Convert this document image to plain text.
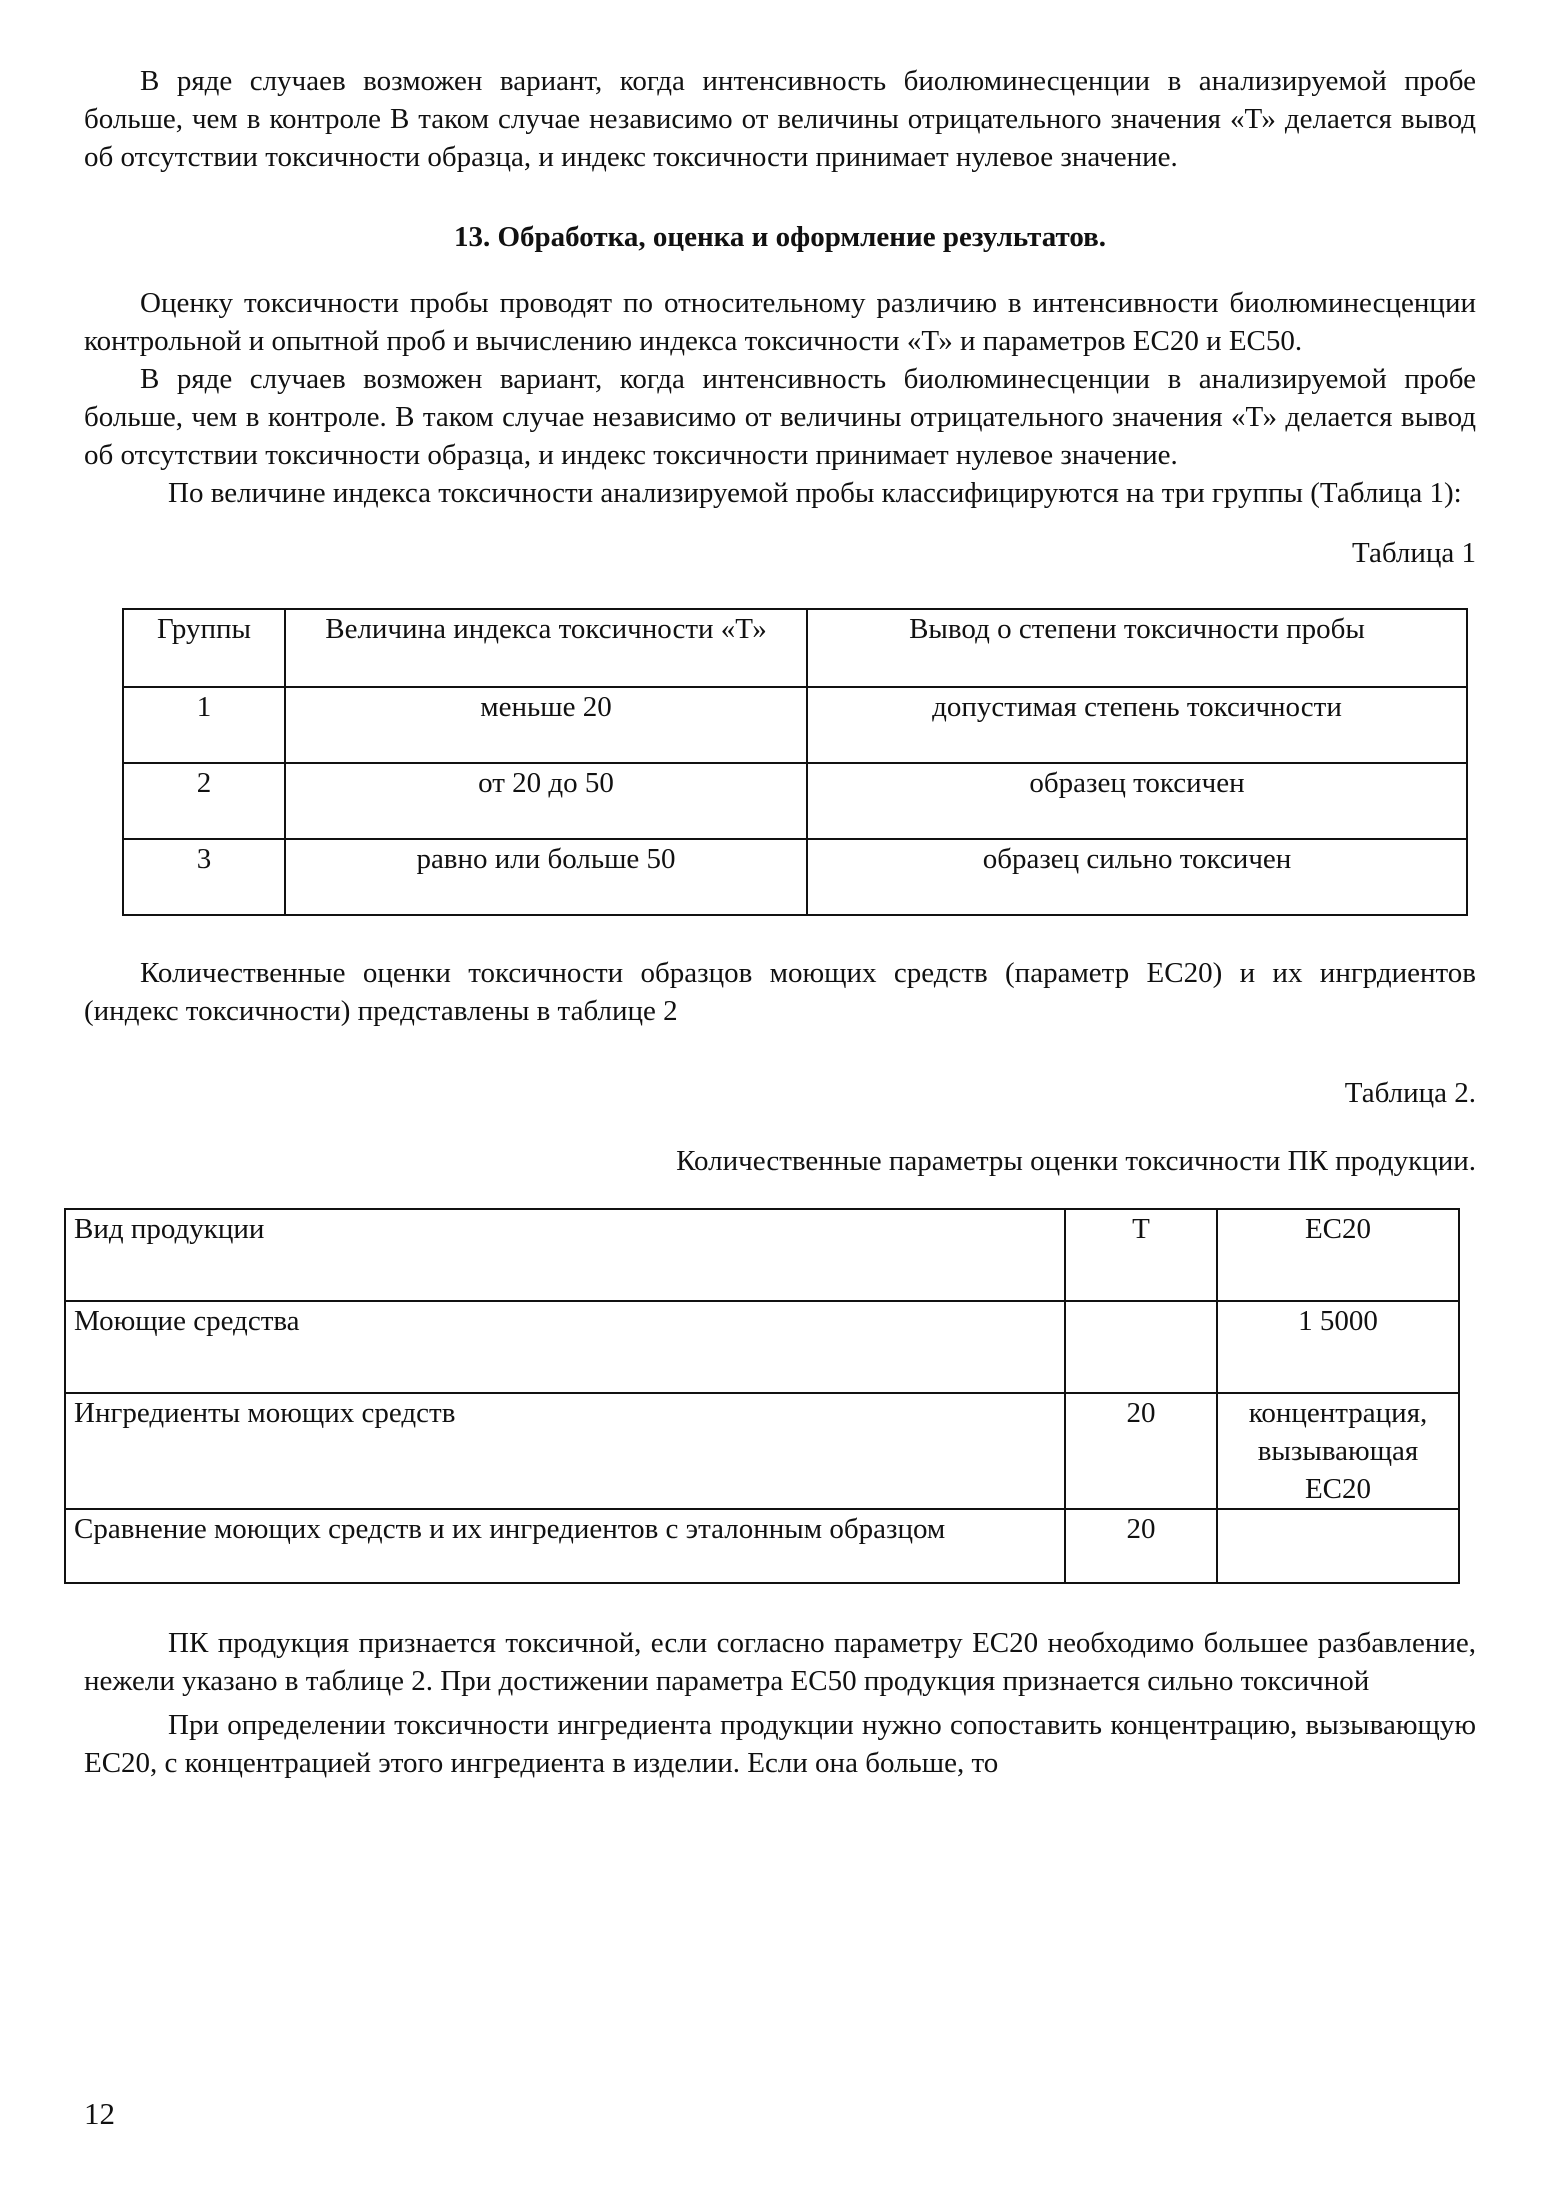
В ряде случаев возможен вариант, когда интенсивность биолюминесценции в анализируемой пробе больше, чем в контроле В таком случае независимо от величины отрицательного значения «Т» делается вывод об отсутствии токсичности образца, и индекс токсичности принимает нулевое значение.

13. Обработка, оценка и оформление результатов.

Оценку токсичности пробы проводят по относительному различию в интенсивности биолюминесценции контрольной и опытной проб и вычислению индекса токсичности «Т» и параметров ЕС20 и ЕС50.

В ряде случаев возможен вариант, когда интенсивность биолюминесценции в анализируемой пробе больше, чем в контроле. В таком случае независимо от величины отрицательного значения «Т» делается вывод об отсутствии токсичности образца, и индекс токсичности принимает нулевое значение.

По величине индекса токсичности анализируемой пробы классифицируются на три группы (Таблица 1):

Таблица 1

Группы	Величина индекса токсичности «Т»	Вывод о степени токсичности пробы
1	меньше 20	допустимая степень токсичности
2	от 20 до 50	образец токсичен
3	равно или больше 50	образец сильно токсичен

Количественные оценки токсичности образцов моющих средств (параметр ЕС20) и их ингрдиентов (индекс токсичности) представлены в таблице 2

Таблица 2.

Количественные параметры оценки токсичности ПК продукции.

Вид продукции	Т	ЕС20
Моющие средства		1 5000
Ингредиенты моющих средств	20	концентрация, вызывающая ЕС20
Сравнение моющих средств и их ингредиентов с эталонным образцом	20	

ПК продукция признается токсичной, если согласно параметру ЕС20 необходимо большее разбавление, нежели указано в таблице 2. При достижении параметра ЕС50 продукция признается сильно токсичной

При определении токсичности ингредиента продукции нужно сопоставить концентрацию, вызывающую ЕС20, с концентрацией этого ингредиента в изделии. Если она больше, то

12
